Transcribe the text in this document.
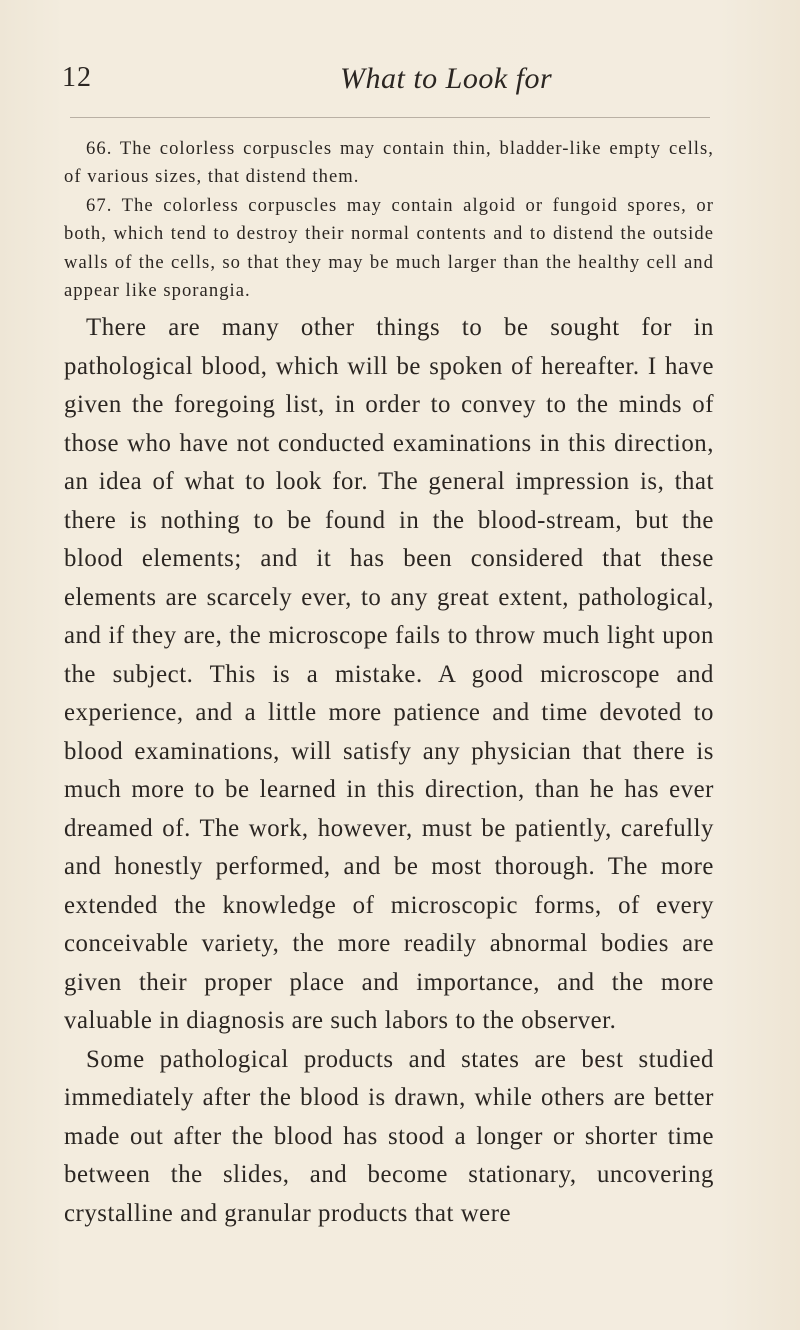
12	What to Look for

66. The colorless corpuscles may contain thin, bladder-like empty cells, of various sizes, that distend them.

67. The colorless corpuscles may contain algoid or fungoid spores, or both, which tend to destroy their normal contents and to distend the outside walls of the cells, so that they may be much larger than the healthy cell and appear like sporangia.

There are many other things to be sought for in pathological blood, which will be spoken of hereafter. I have given the foregoing list, in order to convey to the minds of those who have not conducted examinations in this direction, an idea of what to look for. The general impression is, that there is nothing to be found in the blood-stream, but the blood elements; and it has been considered that these elements are scarcely ever, to any great extent, pathological, and if they are, the microscope fails to throw much light upon the subject. This is a mistake. A good microscope and experience, and a little more patience and time devoted to blood examinations, will satisfy any physician that there is much more to be learned in this direction, than he has ever dreamed of. The work, however, must be patiently, carefully and honestly performed, and be most thorough. The more extended the knowledge of microscopic forms, of every conceivable variety, the more readily abnormal bodies are given their proper place and importance, and the more valuable in diagnosis are such labors to the observer.

Some pathological products and states are best studied immediately after the blood is drawn, while others are better made out after the blood has stood a longer or shorter time between the slides, and become stationary, uncovering crystalline and granular products that were
